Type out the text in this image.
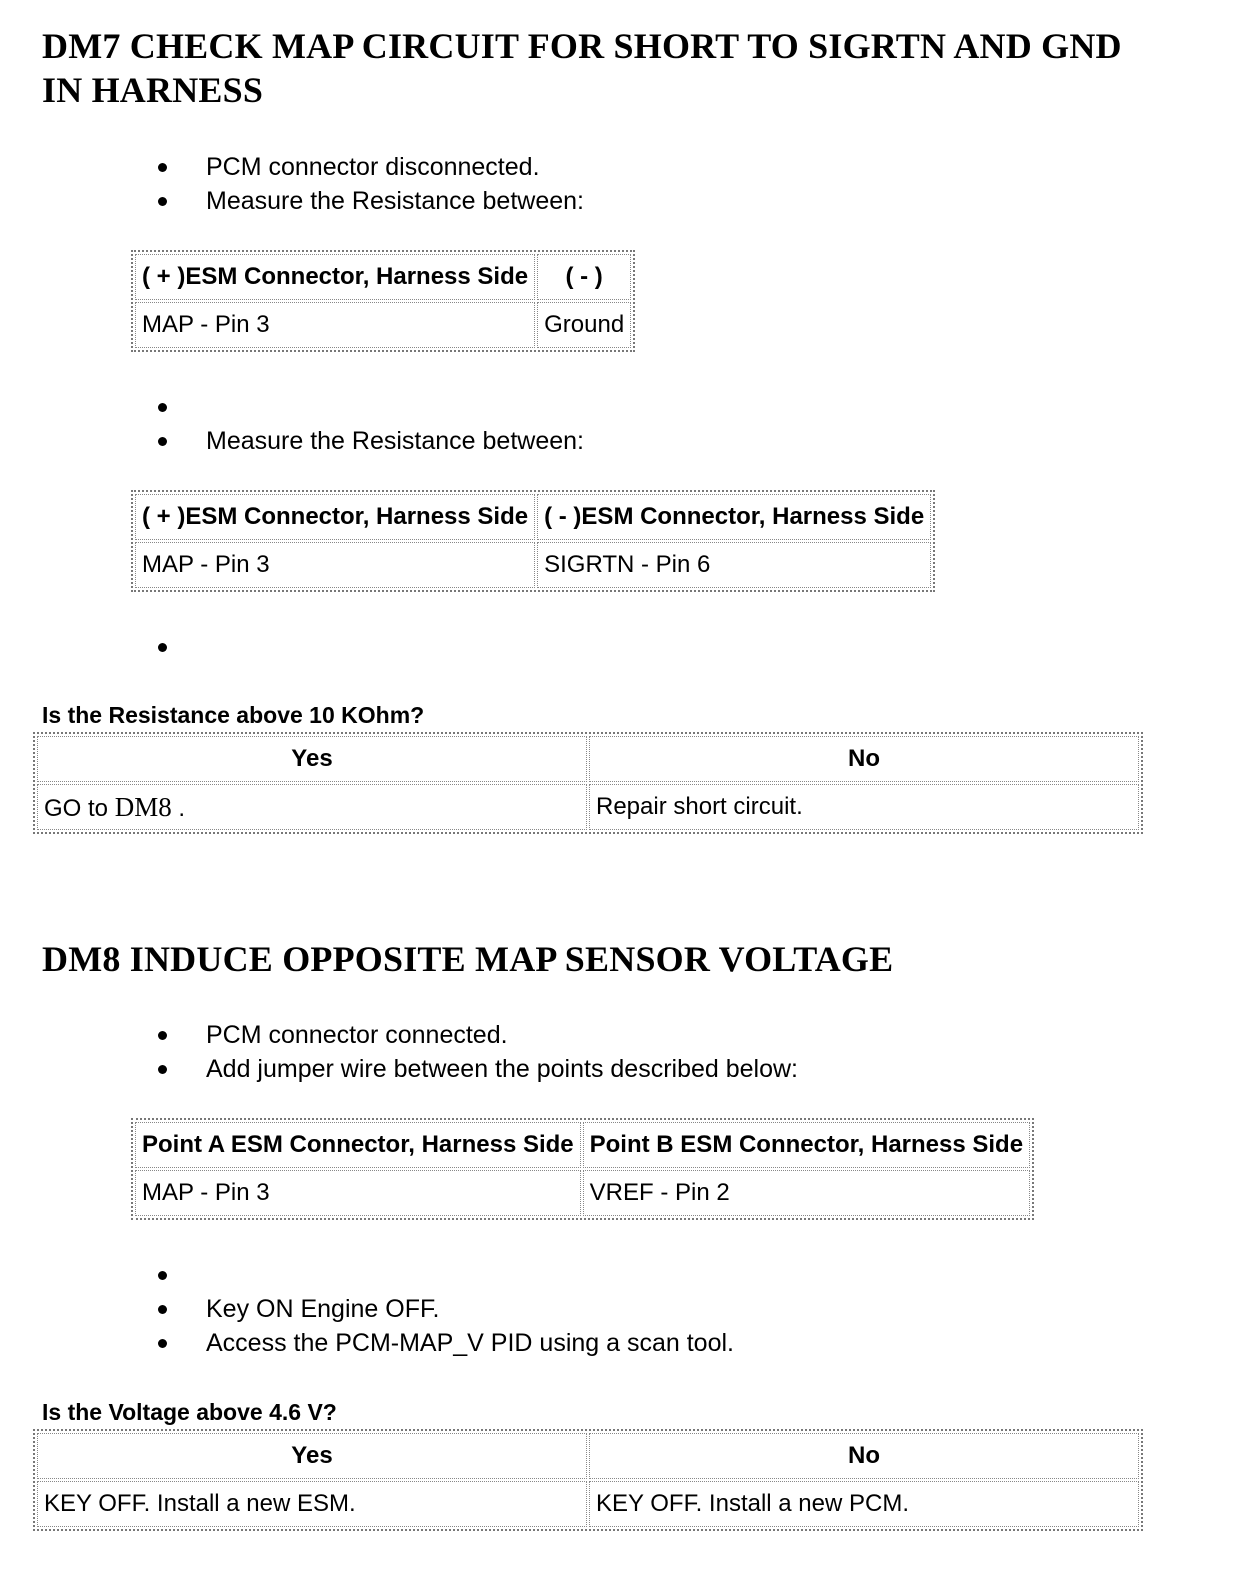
DM7 CHECK MAP CIRCUIT FOR SHORT TO SIGRTN AND GND
IN HARNESS
PCM connector disconnected.
Measure the Resistance between:
( + )ESM Connector, Harness Side	( - )
MAP - Pin 3	Ground
Measure the Resistance between:
( + )ESM Connector, Harness Side	( - )ESM Connector, Harness Side
MAP - Pin 3	SIGRTN - Pin 6

Is the Resistance above 10 KOhm?

Yes	No
GO to DM8 .	Repair short circuit.
DM8 INDUCE OPPOSITE MAP SENSOR VOLTAGE
PCM connector connected.
Add jumper wire between the points described below:
Point A ESM Connector, Harness Side	Point B ESM Connector, Harness Side
MAP - Pin 3	VREF - Pin 2
Key ON Engine OFF.
Access the PCM-MAP_V PID using a scan tool.

Is the Voltage above 4.6 V?

Yes	No
KEY OFF. Install a new ESM.	KEY OFF. Install a new PCM.
